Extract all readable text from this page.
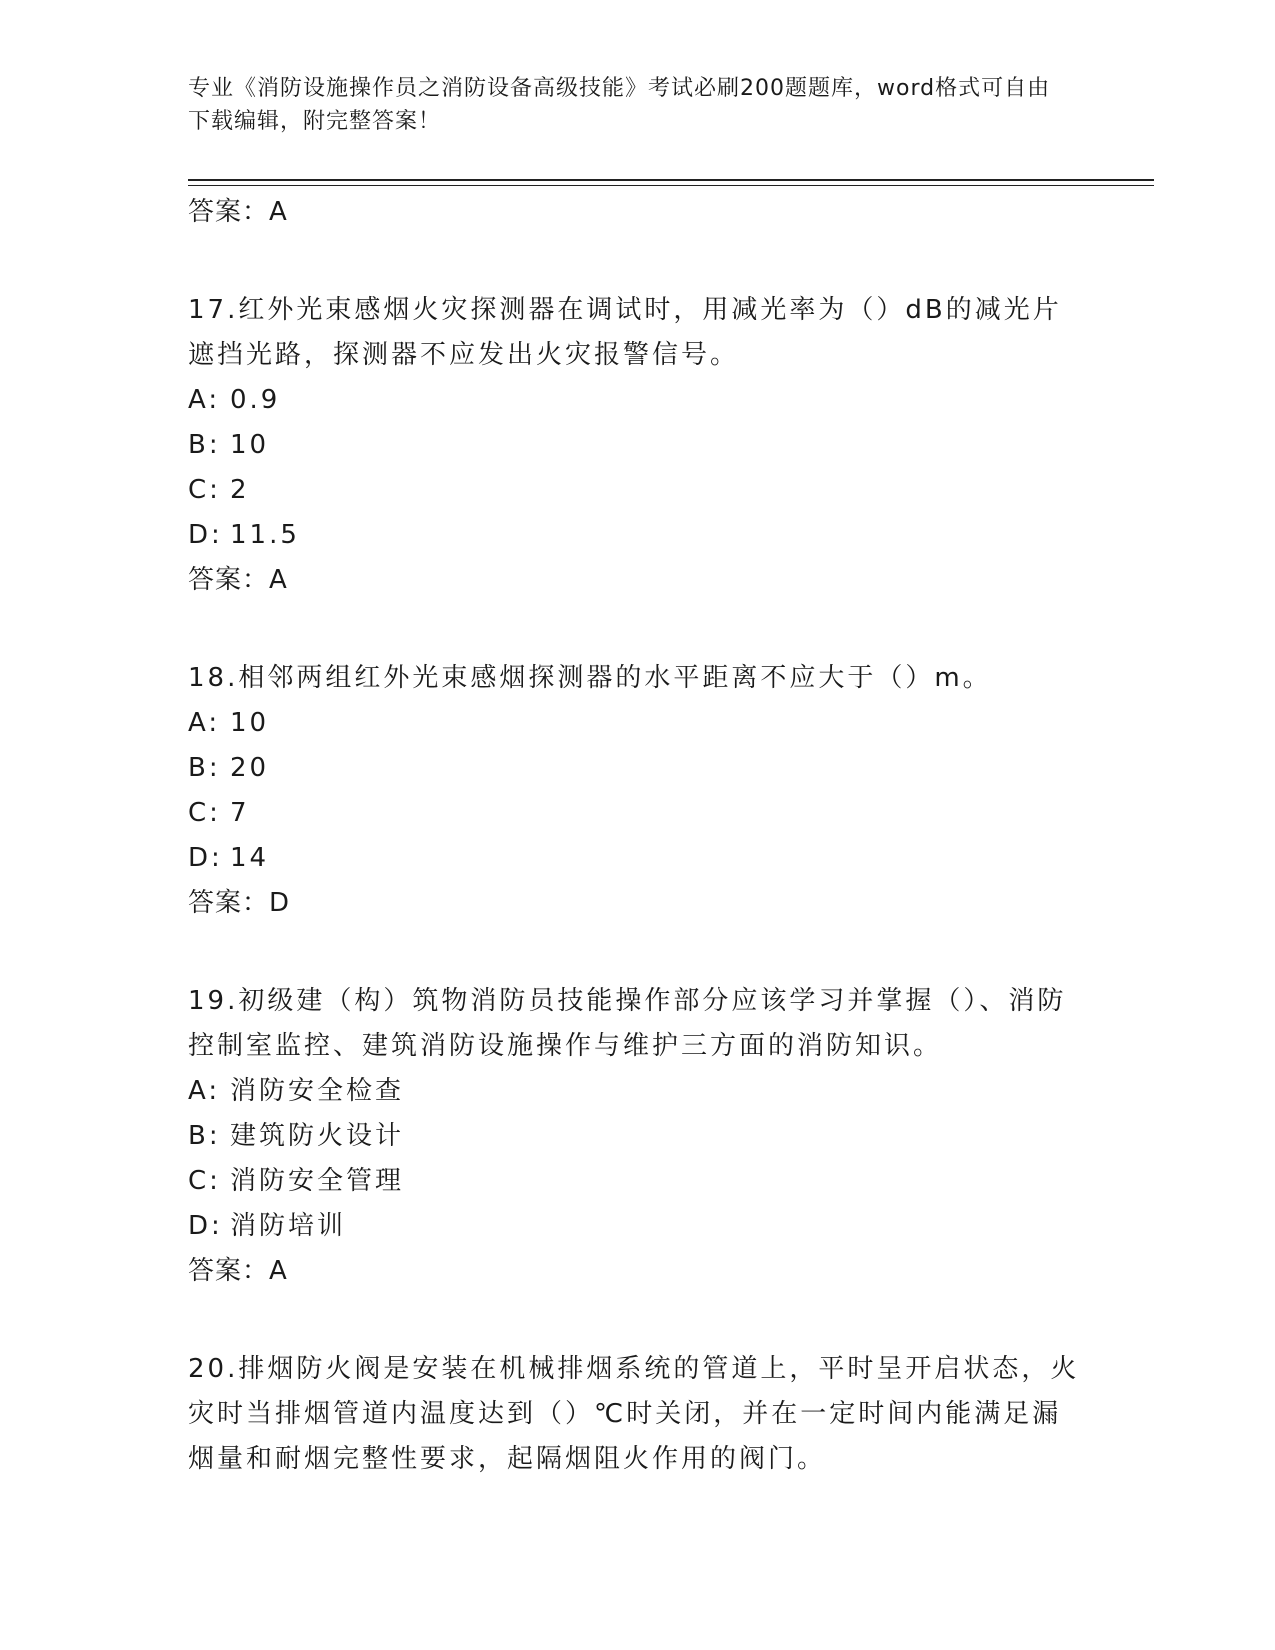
专业《消防设施操作员之消防设备高级技能》考试必刷200题题库，word格式可自由下载编辑，附完整答案！
答案：A
17.红外光束感烟火灾探测器在调试时，用减光率为（）dB的减光片遮挡光路，探测器不应发出火灾报警信号。
A: 0.9
B: 10
C: 2
D: 11.5
答案：A
18.相邻两组红外光束感烟探测器的水平距离不应大于（）m。
A: 10
B: 20
C: 7
D: 14
答案：D
19.初级建（构）筑物消防员技能操作部分应该学习并掌握（）、消防控制室监控、建筑消防设施操作与维护三方面的消防知识。
A: 消防安全检查
B: 建筑防火设计
C: 消防安全管理
D: 消防培训
答案：A
20.排烟防火阀是安装在机械排烟系统的管道上，平时呈开启状态，火灾时当排烟管道内温度达到（）℃时关闭，并在一定时间内能满足漏烟量和耐烟完整性要求，起隔烟阻火作用的阀门。
